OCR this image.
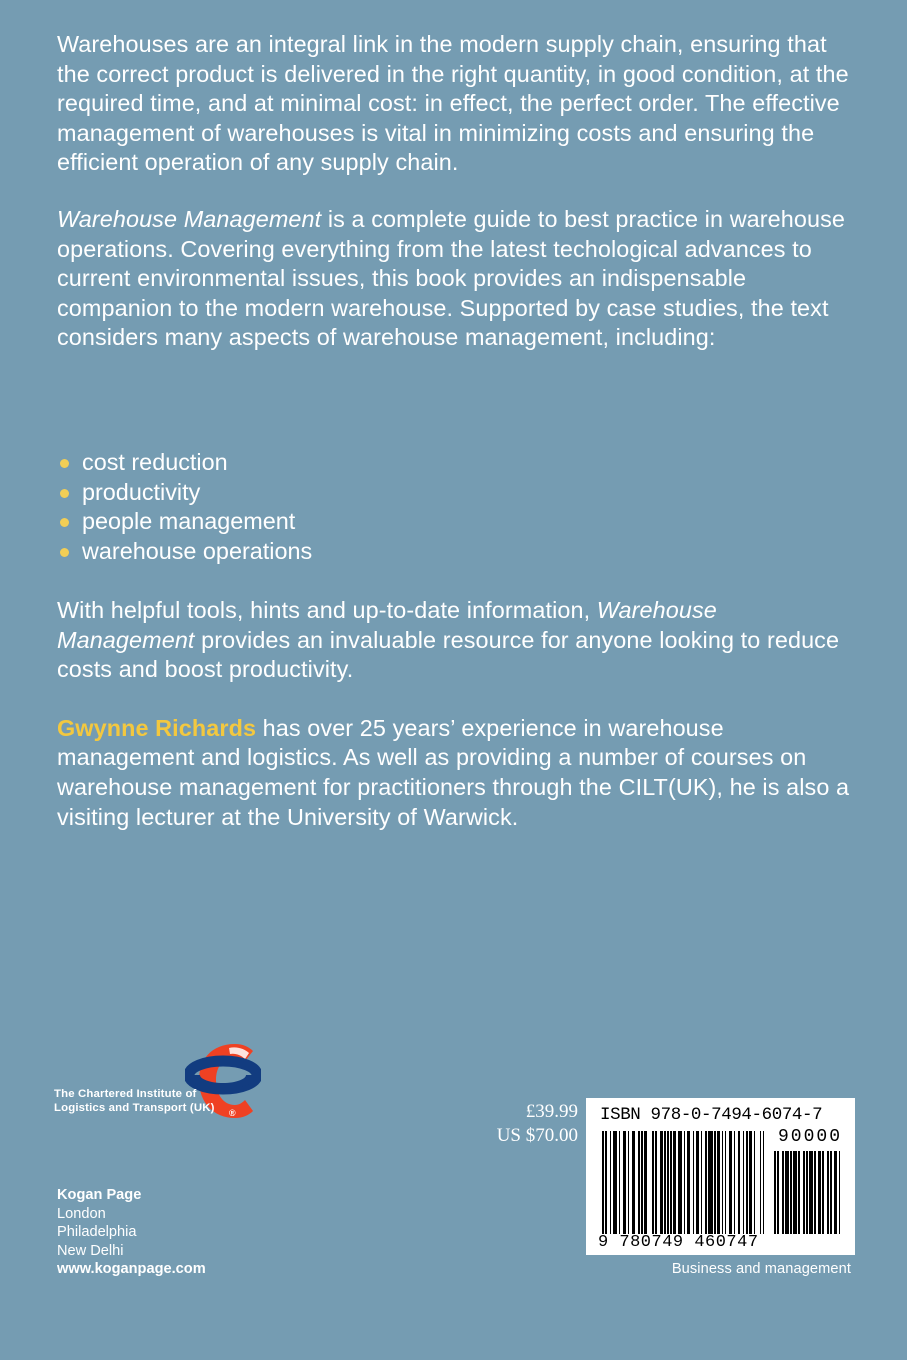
Warehouses are an integral link in the modern supply chain, ensuring that the correct product is delivered in the right quantity, in good condition, at the required time, and at minimal cost: in effect, the perfect order. The effective management of warehouses is vital in minimizing costs and ensuring the efficient operation of any supply chain.

Warehouse Management is a complete guide to best practice in warehouse operations. Covering everything from the latest techological advances to current environmental issues, this book provides an indispensable companion to the modern warehouse. Supported by case studies, the text considers many aspects of warehouse management, including:

cost reduction
productivity
people management
warehouse operations

With helpful tools, hints and up-to-date information, Warehouse Management provides an invaluable resource for anyone looking to reduce costs and boost productivity.

Gwynne Richards has over 25 years’ experience in warehouse management and logistics. As well as providing a number of courses on warehouse management for practitioners through the CILT(UK), he is also a visiting lecturer at the University of Warwick.

The Chartered Institute of
Logistics and Transport (UK) ®	£39.99
US $70.00
ISBN 978-0-7494-6074-7
90000
9 780749 460747
Kogan Page
London
Philadelphia
New Delhi
www.koganpage.com	Business and management
